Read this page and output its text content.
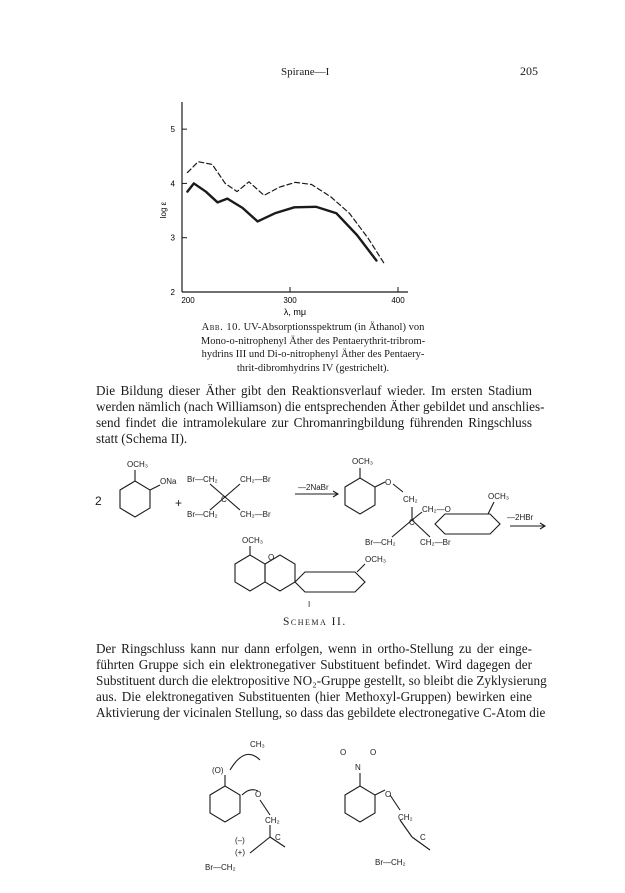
Spirane—I	205
2
3
4
5
200	300	400
log ε
λ, mμ
Abb. 10. UV-Absorptionsspektrum (in Äthanol) von
Mono-o-nitrophenyl Äther des Pentaerythrit-tribrom-
hydrins III und Di-o-nitrophenyl Äther des Pentaery-
thrit-dibromhydrins IV (gestrichelt).
Die Bildung dieser Äther gibt den Reaktionsverlauf wieder. Im ersten Stadium
werden nämlich (nach Williamson) die entsprechenden Äther gebildet und anschlies-
send findet die intramolekulare zur Chromanringbildung führenden Ringschluss
statt (Schema II).
2
OCH₃
ONa
+
Br—CH₂	CH₂—Br
C
Br—CH₂	CH₂—Br
—2NaBr
OCH₃
O
CH₂
CH₂—O
C
OCH₃
—2HBr
Br—CH₂	CH₂—Br
OCH₃
O	OCH₃
I
Schema II.
Der Ringschluss kann nur dann erfolgen, wenn in ortho-Stellung zu der einge-
führten Gruppe sich ein elektronegativer Substituent befindet. Wird dagegen der
Substituent durch die elektropositive NO₂-Gruppe gestellt, so bleibt die Zyklysierung
aus. Die elektronegativen Substituenten (hier Methoxyl-Gruppen) bewirken eine
Aktivierung der vicinalen Stellung, so dass das gebildete electronegative C-Atom die
CH₃
(O)
O
CH₂
C
(–)
(+)
Br—CH₂
O	O
N
O
CH₂
C
Br—CH₂
